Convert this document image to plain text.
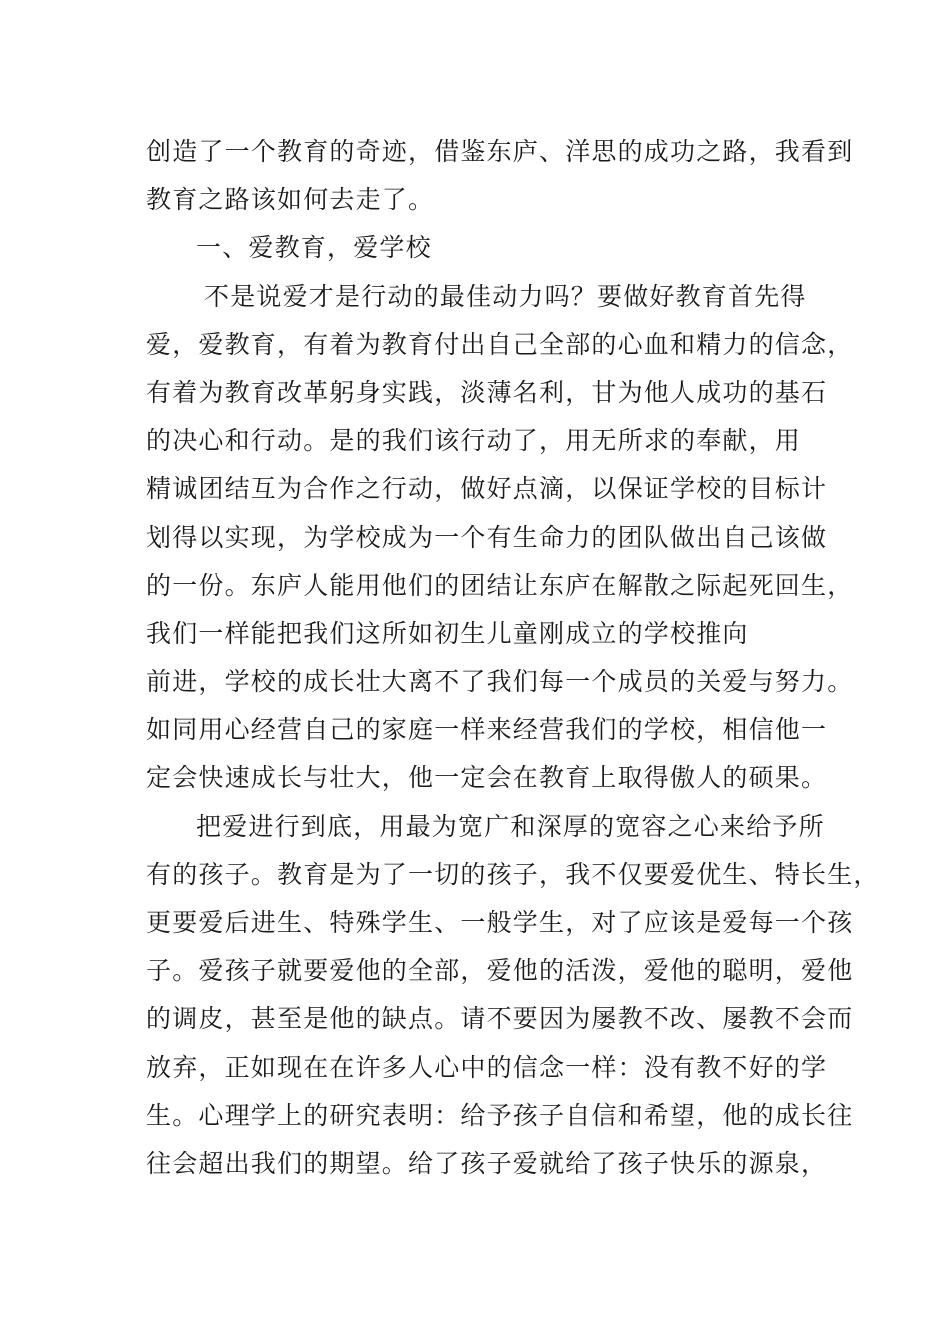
创造了一个教育的奇迹，借鉴东庐、洋思的成功之路，我看到
教育之路该如何去走了。
一、爱教育，爱学校
不是说爱才是行动的最佳动力吗？要做好教育首先得
爱，爱教育，有着为教育付出自己全部的心血和精力的信念，
有着为教育改革躬身实践，淡薄名利，甘为他人成功的基石
的决心和行动。是的我们该行动了，用无所求的奉献，用
精诚团结互为合作之行动，做好点滴，以保证学校的目标计
划得以实现，为学校成为一个有生命力的团队做出自己该做
的一份。东庐人能用他们的团结让东庐在解散之际起死回生，
我们一样能把我们这所如初生儿童刚成立的学校推向
前进，学校的成长壮大离不了我们每一个成员的关爱与努力。
如同用心经营自己的家庭一样来经营我们的学校，相信他一
定会快速成长与壮大，他一定会在教育上取得傲人的硕果。
把爱进行到底，用最为宽广和深厚的宽容之心来给予所
有的孩子。教育是为了一切的孩子，我不仅要爱优生、特长生，
更要爱后进生、特殊学生、一般学生，对了应该是爱每一个孩
子。爱孩子就要爱他的全部，爱他的活泼，爱他的聪明，爱他
的调皮，甚至是他的缺点。请不要因为屡教不改、屡教不会而
放弃，正如现在在许多人心中的信念一样：没有教不好的学
生。心理学上的研究表明：给予孩子自信和希望，他的成长往
往会超出我们的期望。给了孩子爱就给了孩子快乐的源泉，
